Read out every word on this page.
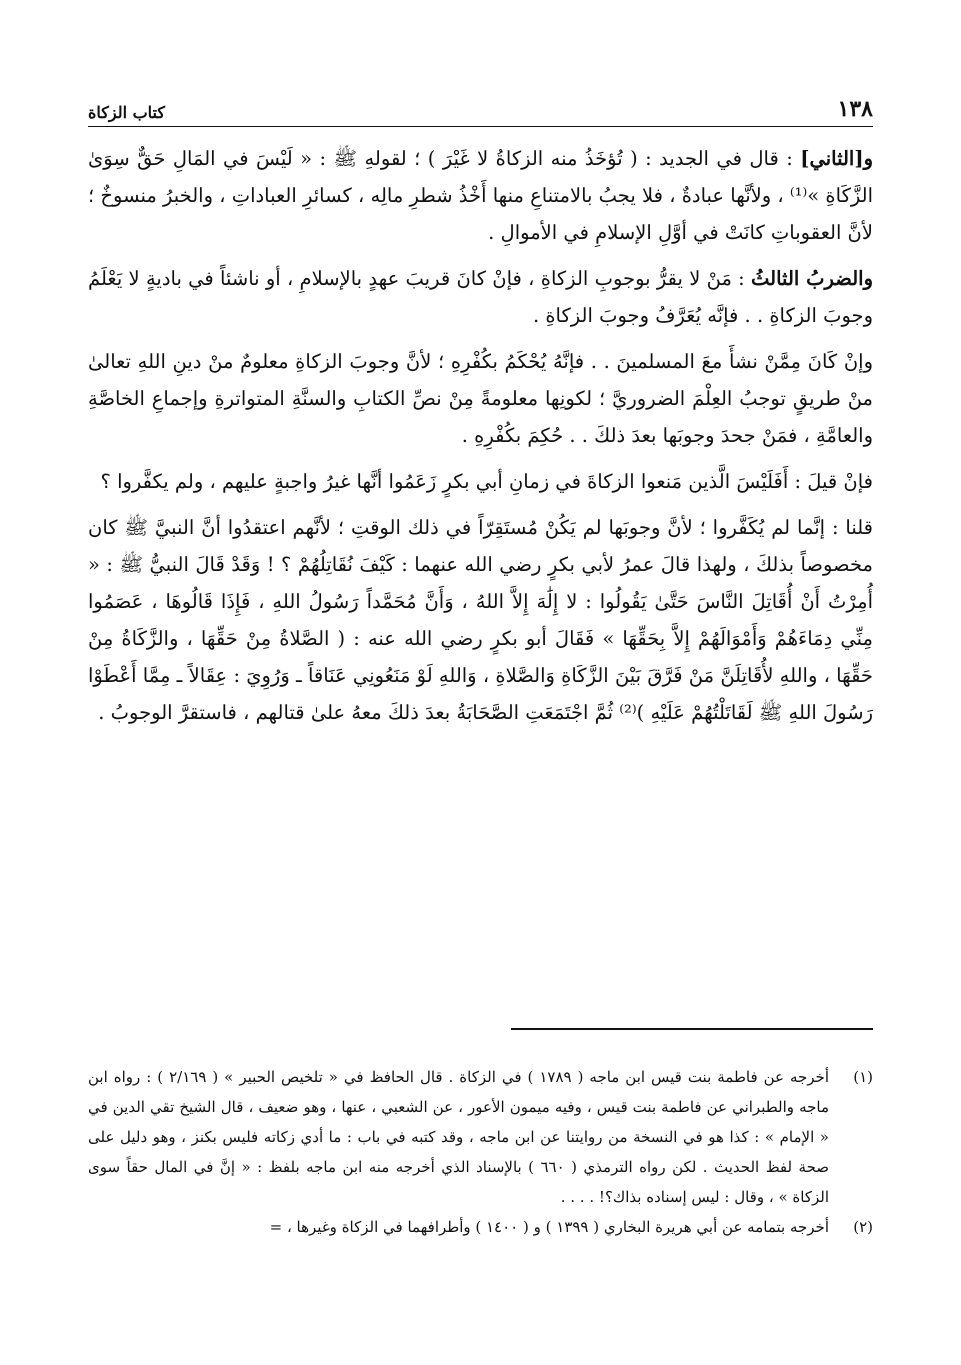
١٣٨
كتاب الزكاة

و[الثاني] : قال في الجديد : ( تُؤخَذُ منه الزكاةُ لا غَيْرَ ) ؛ لقولهِ ﷺ : « لَيْسَ في المَالِ حَقٌّ سِوَىٰ الزَّكَاةِ »⁽¹⁾ ، ولأنَّها عبادةٌ ، فلا يجبُ بالامتناعِ منها أَخْذُ شطرِ مالِه ، كسائرِ العباداتِ ، والخبرُ منسوخٌ ؛ لأنَّ العقوباتِ كانَتْ في أوَّلِ الإسلامِ في الأموالِ .

والضربُ الثالثُ : مَنْ لا يقرُّ بوجوبِ الزكاةِ ، فإنْ كانَ قريبَ عهدٍ بالإسلامِ ، أو ناشئاً في باديةٍ لا يَعْلَمُ وجوبَ الزكاةِ . . فإنَّه يُعَرَّفُ وجوبَ الزكاةِ .

وإنْ كَانَ مِمَّنْ نشأَ معَ المسلمينَ . . فإنَّهُ يُحْكَمُ بكُفْرِهِ ؛ لأنَّ وجوبَ الزكاةِ معلومٌ منْ دينِ اللهِ تعالىٰ منْ طريقٍ توجبُ العِلْمَ الضروريَّ ؛ لكونِها معلومةً مِنْ نصِّ الكتابِ والسنَّةِ المتواترةِ وإجماعِ الخاصَّةِ والعامَّةِ ، فمَنْ جحدَ وجوبَها بعدَ ذلكَ . . حُكِمَ بكُفْرِهِ .

فإنْ قيلَ : أَفَلَيْسَ الَّذين مَنعوا الزكاةَ في زمانِ أبي بكرٍ زَعَمُوا أنَّها غيرُ واجبةٍ عليهم ، ولم يكفَّروا ؟

قلنا : إنَّما لم يُكَفَّروا ؛ لأنَّ وجوبَها لم يَكُنْ مُستَقِرّاً في ذلك الوقتِ ؛ لأنَّهم اعتقدُوا أنَّ النبيَّ ﷺ كان مخصوصاً بذلكَ ، ولهذا قالَ عمرُ لأبي بكرٍ رضي الله عنهما : كَيْفَ نُقَاتِلُهُمْ ؟ ! وَقَدْ قَالَ النبيُّ ﷺ : « أُمِرْتُ أَنْ أُقَاتِلَ النَّاسَ حَتَّىٰ يَقُولُوا : لا إِلَٰهَ إِلاَّ اللهُ ، وَأَنَّ مُحَمَّداً رَسُولُ اللهِ ، فَإِذَا قَالُوهَا ، عَصَمُوا مِنِّي دِمَاءَهُمْ وَأَمْوَالَهُمْ إِلاَّ بِحَقِّهَا » فَقَالَ أبو بكرٍ رضي الله عنه : ( الصَّلاةُ مِنْ حَقِّهَا ، والزَّكَاةُ مِنْ حَقِّهَا ، واللهِ لأُقَاتِلَنَّ مَنْ فَرَّقَ بَيْنَ الزَّكَاةِ وَالصَّلاةِ ، وَاللهِ لَوْ مَنَعُونِي عَنَاقاً ـ وَرُوِيَ : عِقَالاً ـ مِمَّا أَعْطَوْا رَسُولَ اللهِ ﷺ لَقَاتَلْتُهُمْ عَلَيْهِ )⁽²⁾ ثُمَّ اجْتَمَعَتِ الصَّحَابَةُ بعدَ ذلكَ معهُ علىٰ قتالهم ، فاستقرَّ الوجوبُ .

(١)
أخرجه عن فاطمة بنت قيس ابن ماجه ( ١٧٨٩ ) في الزكاة . قال الحافظ في « تلخيص الحبير » ( ٢/١٦٩ ) : رواه ابن ماجه والطبراني عن فاطمة بنت قيس ، وفيه ميمون الأعور ، عن الشعبي ، عنها ، وهو ضعيف ، قال الشيخ تقي الدين في « الإمام » : كذا هو في النسخة من روايتنا عن ابن ماجه ، وقد كتبه في باب : ما أدي زكاته فليس بكنز ، وهو دليل على صحة لفظ الحديث . لكن رواه الترمذي ( ٦٦٠ ) بالإسناد الذي أخرجه منه ابن ماجه بلفظ : « إنَّ في المال حقاً سوى الزكاة » ، وقال : ليس إسناده بذاك؟! . . . .
(٢)
أخرجه بتمامه عن أبي هريرة البخاري ( ١٣٩٩ ) و ( ١٤٠٠ ) وأطرافهما في الزكاة وغيرها ، =
